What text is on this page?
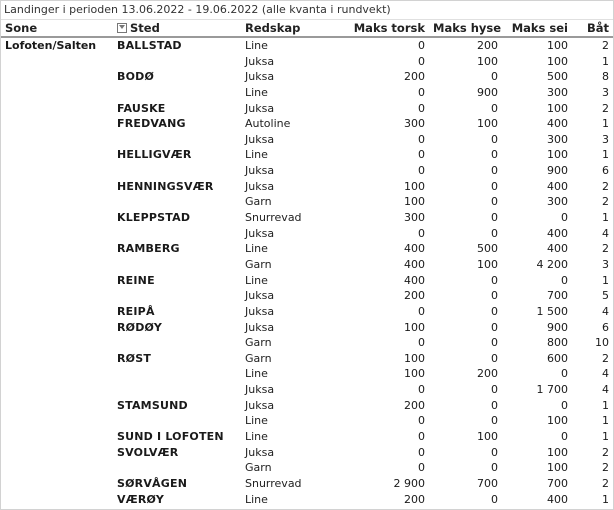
Landinger i perioden 13.06.2022 - 19.06.2022 (alle kvanta i rundvekt)
Sone	Sted	Redskap	Maks torsk	Maks hyse	Maks sei	Båt
Lofoten/Salten	BALLSTAD	Line	0	200	100	2
		Juksa	0	100	100	1
	BODØ	Juksa	200	0	500	8
		Line	0	900	300	3
	FAUSKE	Juksa	0	0	100	2
	FREDVANG	Autoline	300	100	400	1
		Juksa	0	0	300	3
	HELLIGVÆR	Line	0	0	100	1
		Juksa	0	0	900	6
	HENNINGSVÆR	Juksa	100	0	400	2
		Garn	100	0	300	2
	KLEPPSTAD	Snurrevad	300	0	0	1
		Juksa	0	0	400	4
	RAMBERG	Line	400	500	400	2
		Garn	400	100	4 200	3
	REINE	Line	400	0	0	1
		Juksa	200	0	700	5
	REIPÅ	Juksa	0	0	1 500	4
	RØDØY	Juksa	100	0	900	6
		Garn	0	0	800	10
	RØST	Garn	100	0	600	2
		Line	100	200	0	4
		Juksa	0	0	1 700	4
	STAMSUND	Juksa	200	0	0	1
		Line	0	0	100	1
	SUND I LOFOTEN	Line	0	100	0	1
	SVOLVÆR	Juksa	0	0	100	2
		Garn	0	0	100	2
	SØRVÅGEN	Snurrevad	2 900	700	700	2
	VÆRØY	Line	200	0	400	1
